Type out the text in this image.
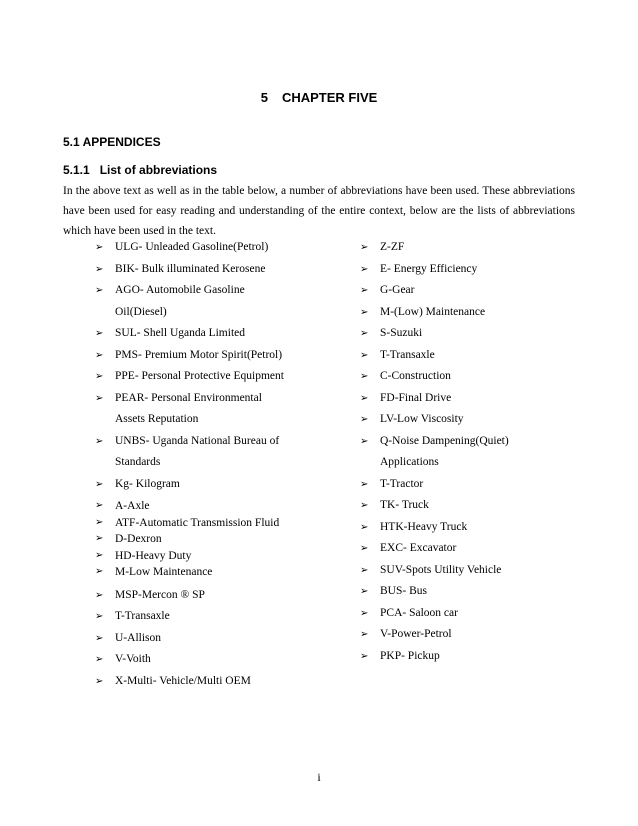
5 CHAPTER FIVE
5.1 APPENDICES
5.1.1 List of abbreviations
In the above text as well as in the table below, a number of abbreviations have been used. These abbreviations have been used for easy reading and understanding of the entire context, below are the lists of abbreviations which have been used in the text.
➢ ULG- Unleaded Gasoline(Petrol)
➢ BIK- Bulk illuminated Kerosene
➢ AGO- Automobile Gasoline
Oil(Diesel)
➢ SUL- Shell Uganda Limited
➢ PMS- Premium Motor Spirit(Petrol)
➢ PPE- Personal Protective Equipment
➢ PEAR- Personal Environmental
Assets Reputation
➢ UNBS- Uganda National Bureau of
Standards
➢ Kg- Kilogram
➢ A-Axle
➢ ATF-Automatic Transmission Fluid
➢ D-Dexron
➢ HD-Heavy Duty
➢ M-Low Maintenance
➢ MSP-Mercon ® SP
➢ T-Transaxle
➢ U-Allison
➢ V-Voith
➢ X-Multi- Vehicle/Multi OEM
➢ Z-ZF
➢ E- Energy Efficiency
➢ G-Gear
➢ M-(Low) Maintenance
➢ S-Suzuki
➢ T-Transaxle
➢ C-Construction
➢ FD-Final Drive
➢ LV-Low Viscosity
➢ Q-Noise Dampening(Quiet)
Applications
➢ T-Tractor
➢ TK- Truck
➢ HTK-Heavy Truck
➢ EXC- Excavator
➢ SUV-Spots Utility Vehicle
➢ BUS- Bus
➢ PCA- Saloon car
➢ V-Power-Petrol
➢ PKP- Pickup
i
